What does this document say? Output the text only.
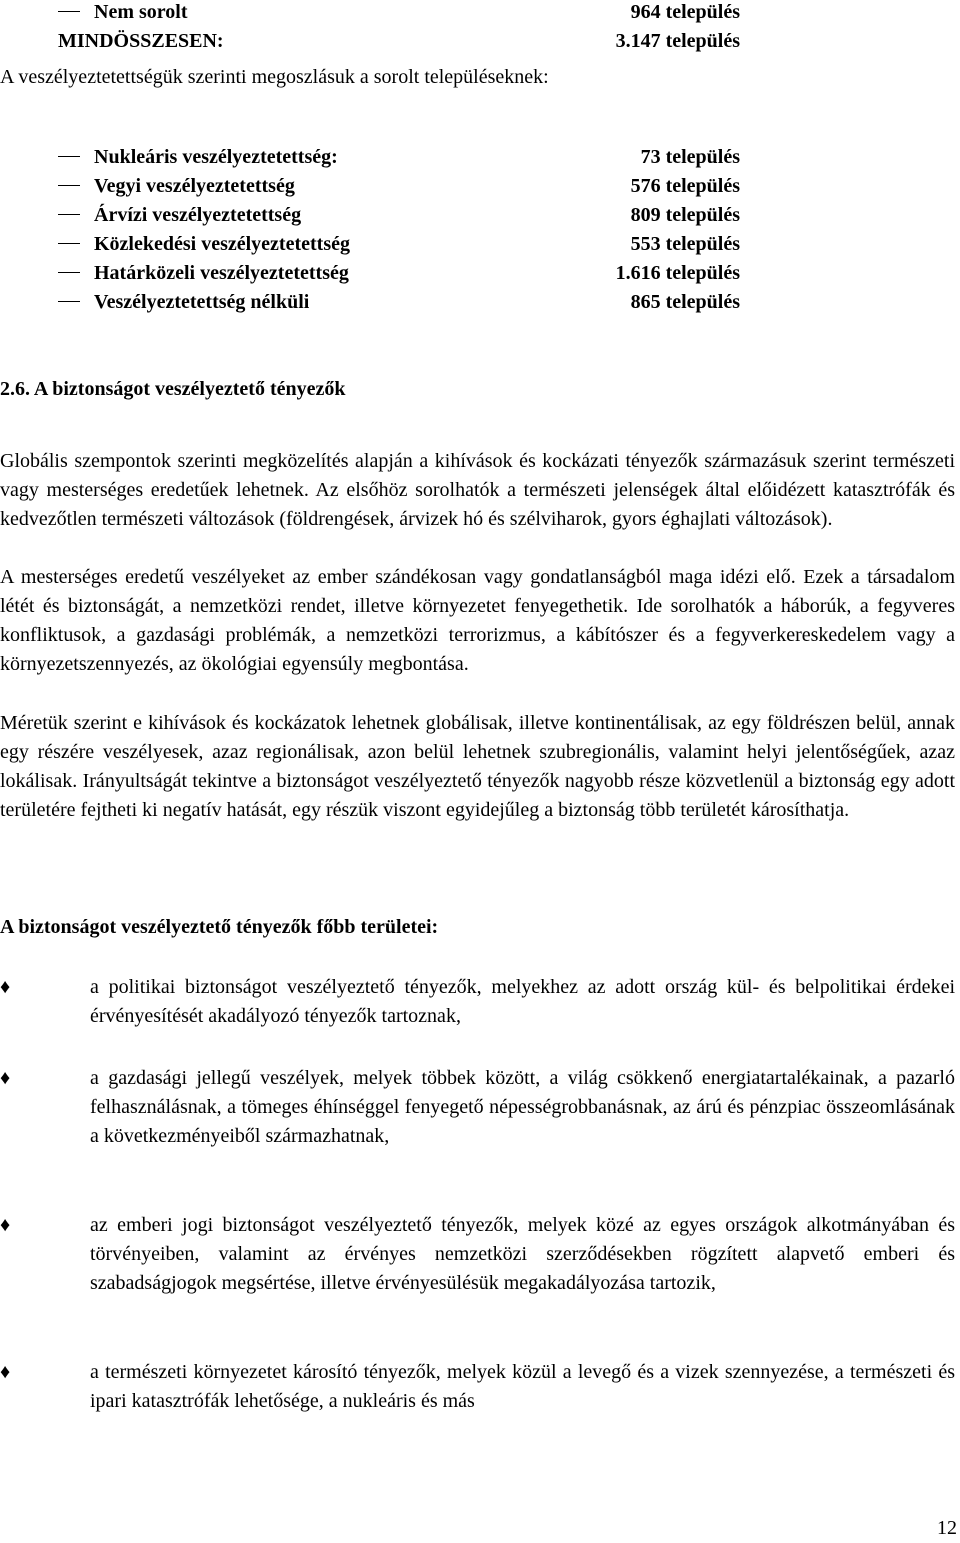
Nem sorolt	964 település
MINDÖSSZESEN:	3.147 település
A veszélyeztetettségük szerinti megoszlásuk a sorolt településeknek:
Nukleáris veszélyeztetettség:	73 település
Vegyi veszélyeztetettség	576 település
Árvízi veszélyeztetettség	809 település
Közlekedési veszélyeztetettség	553 település
Határközeli veszélyeztetettség	1.616 település
Veszélyeztetettség nélküli	865 település
2.6. A biztonságot veszélyeztető tényezők

Globális szempontok szerinti megközelítés alapján a kihívások és kockázati tényezők származásuk szerint természeti vagy mesterséges eredetűek lehetnek. Az elsőhöz sorolhatók a természeti jelenségek által előidézett katasztrófák és kedvezőtlen természeti változások (földrengések, árvizek hó és szélviharok, gyors éghajlati változások).

A mesterséges eredetű veszélyeket az ember szándékosan vagy gondatlanságból maga idézi elő. Ezek a társadalom létét és biztonságát, a nemzetközi rendet, illetve környezetet fenyegethetik. Ide sorolhatók a háborúk, a fegyveres konfliktusok, a gazdasági problémák, a nemzetközi terrorizmus, a kábítószer és a fegyverkereskedelem vagy a környezetszennyezés, az ökológiai egyensúly megbontása.

Méretük szerint e kihívások és kockázatok lehetnek globálisak, illetve kontinentálisak, az egy földrészen belül, annak egy részére veszélyesek, azaz regionálisak, azon belül lehetnek szubregionális, valamint helyi jelentőségűek, azaz lokálisak. Irányultságát tekintve a biztonságot veszélyeztető tényezők nagyobb része közvetlenül a biztonság egy adott területére fejtheti ki negatív hatását, egy részük viszont egyidejűleg a biztonság több területét károsíthatja.

A biztonságot veszélyeztető tényezők főbb területei:
♦	a politikai biztonságot veszélyeztető tényezők, melyekhez az adott ország kül- és belpolitikai érdekei érvényesítését akadályozó tényezők tartoznak,
♦	a gazdasági jellegű veszélyek, melyek többek között, a világ csökkenő energiatartalékainak, a pazarló felhasználásnak, a tömeges éhínséggel fenyegető népességrobbanásnak, az árú és pénzpiac összeomlásának a következményeiből származhatnak,
♦	az emberi jogi biztonságot veszélyeztető tényezők, melyek közé az egyes országok alkotmányában és törvényeiben, valamint az érvényes nemzetközi szerződésekben rögzített alapvető emberi és szabadságjogok megsértése, illetve érvényesülésük megakadályozása tartozik,
♦	a természeti környezetet károsító tényezők, melyek közül a levegő és a vizek szennyezése, a természeti és ipari katasztrófák lehetősége, a nukleáris és más
12
